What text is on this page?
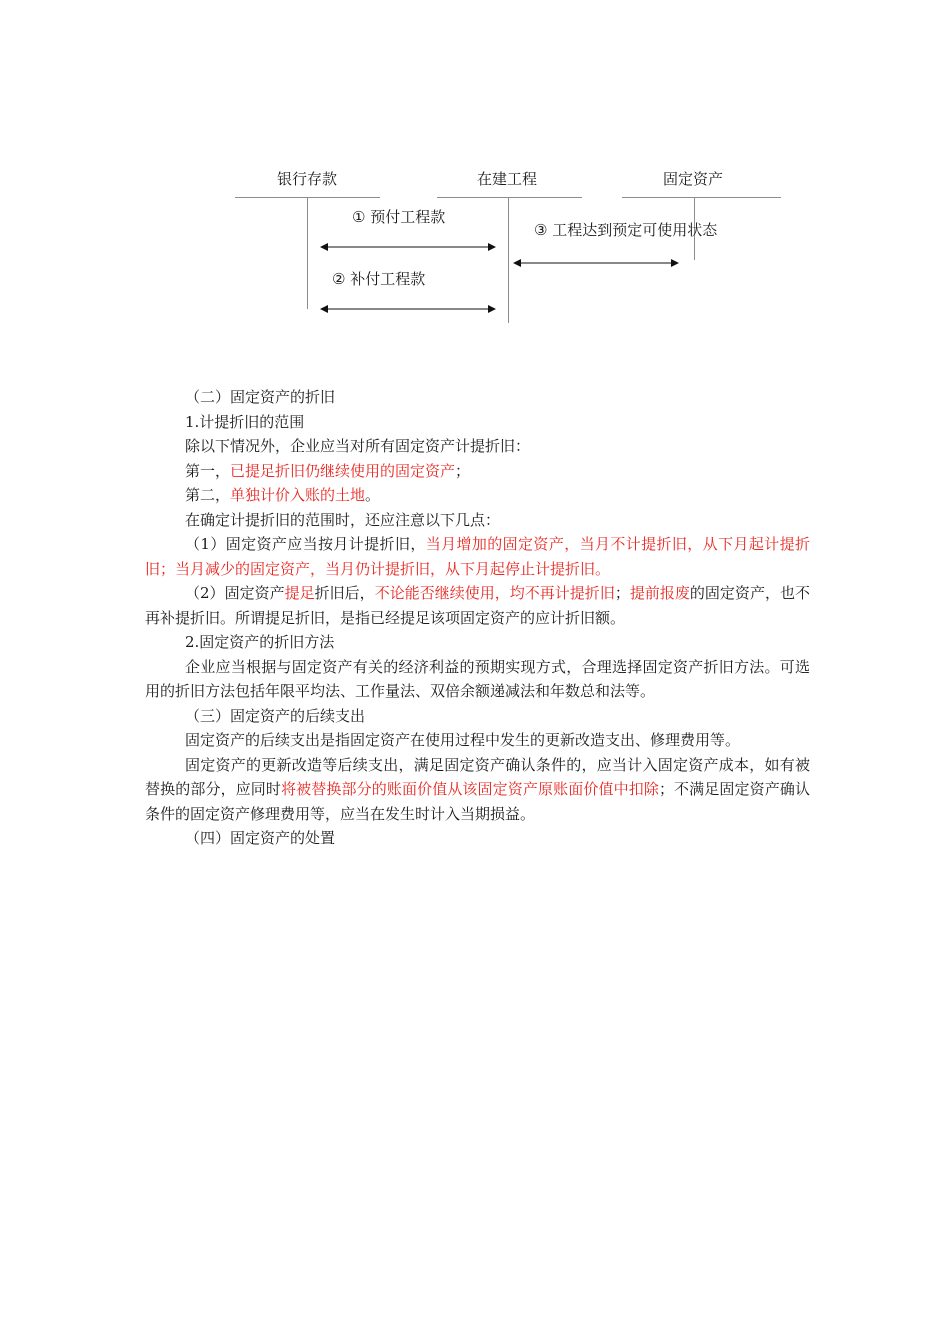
银行存款	在建工程	固定资产
① 预付工程款
② 补付工程款
③ 工程达到预定可使用状态

（二）固定资产的折旧

1.计提折旧的范围

除以下情况外，企业应当对所有固定资产计提折旧：

第一，已提足折旧仍继续使用的固定资产；

第二，单独计价入账的土地。

在确定计提折旧的范围时，还应注意以下几点：

（1）固定资产应当按月计提折旧，当月增加的固定资产，当月不计提折旧，从下月起计提折旧；当月减少的固定资产，当月仍计提折旧，从下月起停止计提折旧。

（2）固定资产提足折旧后，不论能否继续使用，均不再计提折旧；提前报废的固定资产，也不再补提折旧。所谓提足折旧，是指已经提足该项固定资产的应计折旧额。

2.固定资产的折旧方法

企业应当根据与固定资产有关的经济利益的预期实现方式，合理选择固定资产折旧方法。可选用的折旧方法包括年限平均法、工作量法、双倍余额递减法和年数总和法等。

（三）固定资产的后续支出

固定资产的后续支出是指固定资产在使用过程中发生的更新改造支出、修理费用等。

固定资产的更新改造等后续支出，满足固定资产确认条件的，应当计入固定资产成本，如有被替换的部分，应同时将被替换部分的账面价值从该固定资产原账面价值中扣除；不满足固定资产确认条件的固定资产修理费用等，应当在发生时计入当期损益。

（四）固定资产的处置
